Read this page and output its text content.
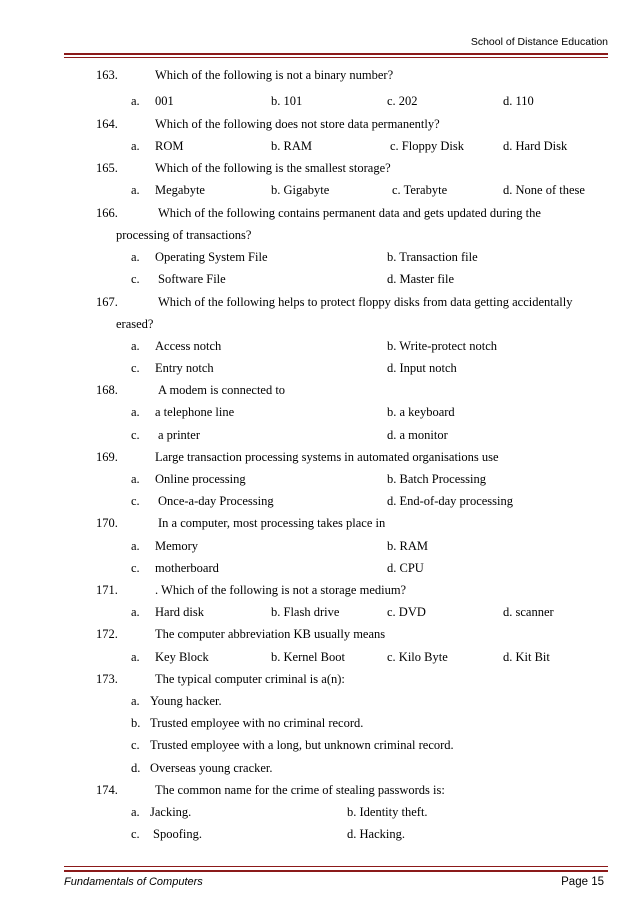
School of Distance Education
163.	Which of the following is not a binary number?
a. 001	b. 101	c. 202	d. 110
164.	Which of the following does not store data permanently?
a. ROM	b. RAM	c. Floppy Disk	d. Hard Disk
165.	Which of the following is the smallest storage?
a. Megabyte	b. Gigabyte	c. Terabyte	d. None of these
166.	Which of the following contains permanent data and gets updated during the
processing of transactions?
a. Operating System File	b. Transaction file
c. Software File	d. Master file
167.	Which of the following helps to protect floppy disks from data getting accidentally
erased?
a. Access notch	b. Write-protect notch
c. Entry notch	d. Input notch
168.	A modem is connected to
a. a telephone line	b. a keyboard
c. a printer	d. a monitor
169.	Large transaction processing systems in automated organisations use
a. Online processing	b. Batch Processing
c. Once-a-day Processing	d. End-of-day processing
170.	In a computer, most processing takes place in
a. Memory	b. RAM
c. motherboard	d. CPU
171.	. Which of the following is not a storage medium?
a. Hard disk	b. Flash drive	c. DVD	d. scanner
172.	The computer abbreviation KB usually means
a. Key Block	b. Kernel Boot	c. Kilo Byte	d. Kit Bit
173.	The typical computer criminal is a(n):
a. Young hacker.
b. Trusted employee with no criminal record.
c. Trusted employee with a long, but unknown criminal record.
d. Overseas young cracker.
174.	The common name for the crime of stealing passwords is:
a. Jacking.	b. Identity theft.
c. Spoofing.	d. Hacking.
Fundamentals of Computers	Page 15
